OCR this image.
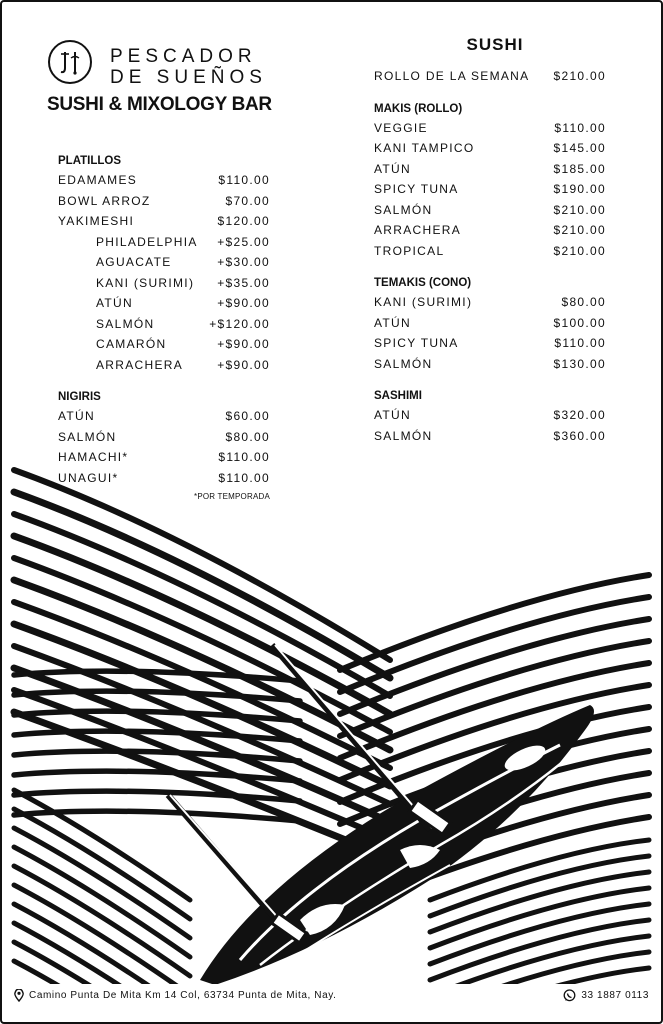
PESCADOR
DE SUEÑOS
SUSHI & MIXOLOGY BAR
PLATILLOS
EDAMAMES	$110.00
BOWL ARROZ	$70.00
YAKIMESHI	$120.00
PHILADELPHIA +$25.00
AGUACATE	+$30.00
KANI (SURIMI) +$35.00
ATÚN	+$90.00
SALMÓN	+$120.00
CAMARÓN	+$90.00
ARRACHERA	+$90.00
NIGIRIS
ATÚN	$60.00
SALMÓN	$80.00
HAMACHI*	$110.00
UNAGUI*	$110.00
*POR TEMPORADA
SUSHI
ROLLO DE LA SEMANA $210.00
MAKIS (ROLLO)
VEGGIE	$110.00
KANI TAMPICO	$145.00
ATÚN	$185.00
SPICY TUNA	$190.00
SALMÓN	$210.00
ARRACHERA	$210.00
TROPICAL	$210.00
TEMAKIS (CONO)
KANI (SURIMI)	$80.00
ATÚN	$100.00
SPICY TUNA	$110.00
SALMÓN	$130.00
SASHIMI
ATÚN	$320.00
SALMÓN	$360.00
Camino Punta De Mita Km 14 Col, 63734 Punta de Mita, Nay.	33 1887 0113
